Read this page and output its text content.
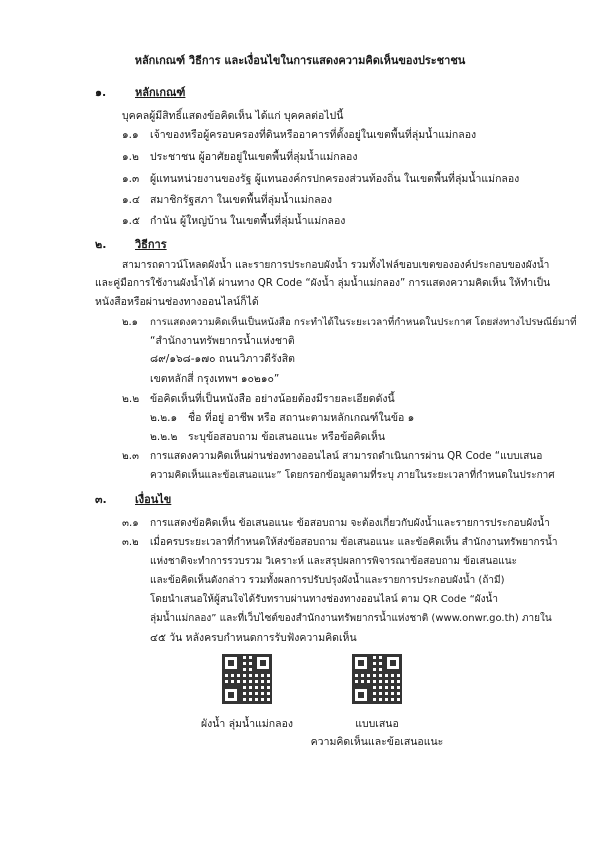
หลักเกณฑ์ วิธีการ และเงื่อนไขในการแสดงความคิดเห็นของประชาชน
๑.	หลักเกณฑ์
บุคคลผู้มีสิทธิ์แสดงข้อคิดเห็น ได้แก่ บุคคลต่อไปนี้
๑.๑ เจ้าของหรือผู้ครอบครองที่ดินหรืออาคารที่ตั้งอยู่ในเขตพื้นที่ลุ่มน้ำแม่กลอง
๑.๒ ประชาชน ผู้อาศัยอยู่ในเขตพื้นที่ลุ่มน้ำแม่กลอง
๑.๓ ผู้แทนหน่วยงานของรัฐ ผู้แทนองค์กรปกครองส่วนท้องถิ่น ในเขตพื้นที่ลุ่มน้ำแม่กลอง
๑.๔ สมาชิกรัฐสภา ในเขตพื้นที่ลุ่มน้ำแม่กลอง
๑.๕ กำนัน ผู้ใหญ่บ้าน ในเขตพื้นที่ลุ่มน้ำแม่กลอง
๒.	วิธีการ
สามารถดาวน์โหลดผังน้ำ และรายการประกอบผังน้ำ รวมทั้งไฟล์ขอบเขตขององค์ประกอบของผังน้ำ
และคู่มือการใช้งานผังน้ำได้ ผ่านทาง QR Code “ผังน้ำ ลุ่มน้ำแม่กลอง” การแสดงความคิดเห็น ให้ทำเป็น
หนังสือหรือผ่านช่องทางออนไลน์ก็ได้
๒.๑ การแสดงความคิดเห็นเป็นหนังสือ กระทำได้ในระยะเวลาที่กำหนดในประกาศ โดยส่งทางไปรษณีย์มาที่
“สำนักงานทรัพยากรน้ำแห่งชาติ
๘๙/๑๖๘-๑๗๐ ถนนวิภาวดีรังสิต
เขตหลักสี่ กรุงเทพฯ ๑๐๒๑๐”
๒.๒ ข้อคิดเห็นที่เป็นหนังสือ อย่างน้อยต้องมีรายละเอียดดังนี้
๒.๒.๑ ชื่อ ที่อยู่ อาชีพ หรือ สถานะตามหลักเกณฑ์ในข้อ ๑
๒.๒.๒ ระบุข้อสอบถาม ข้อเสนอแนะ หรือข้อคิดเห็น
๒.๓ การแสดงความคิดเห็นผ่านช่องทางออนไลน์ สามารถดำเนินการผ่าน QR Code “แบบเสนอ
ความคิดเห็นและข้อเสนอแนะ” โดยกรอกข้อมูลตามที่ระบุ ภายในระยะเวลาที่กำหนดในประกาศ
๓.	เงื่อนไข
๓.๑ การแสดงข้อคิดเห็น ข้อเสนอแนะ ข้อสอบถาม จะต้องเกี่ยวกับผังน้ำและรายการประกอบผังน้ำ
๓.๒ เมื่อครบระยะเวลาที่กำหนดให้ส่งข้อสอบถาม ข้อเสนอแนะ และข้อคิดเห็น สำนักงานทรัพยากรน้ำ
แห่งชาติจะทำการรวบรวม วิเคราะห์ และสรุปผลการพิจารณาข้อสอบถาม ข้อเสนอแนะ
และข้อคิดเห็นดังกล่าว รวมทั้งผลการปรับปรุงผังน้ำและรายการประกอบผังน้ำ (ถ้ามี)
โดยนำเสนอให้ผู้สนใจได้รับทราบผ่านทางช่องทางออนไลน์ ตาม QR Code “ผังน้ำ
ลุ่มน้ำแม่กลอง” และที่เว็บไซต์ของสำนักงานทรัพยากรน้ำแห่งชาติ (www.onwr.go.th) ภายใน
๔๕ วัน หลังครบกำหนดการรับฟังความคิดเห็น
ผังน้ำ ลุ่มน้ำแม่กลอง	แบบเสนอ
ความคิดเห็นและข้อเสนอแนะ
